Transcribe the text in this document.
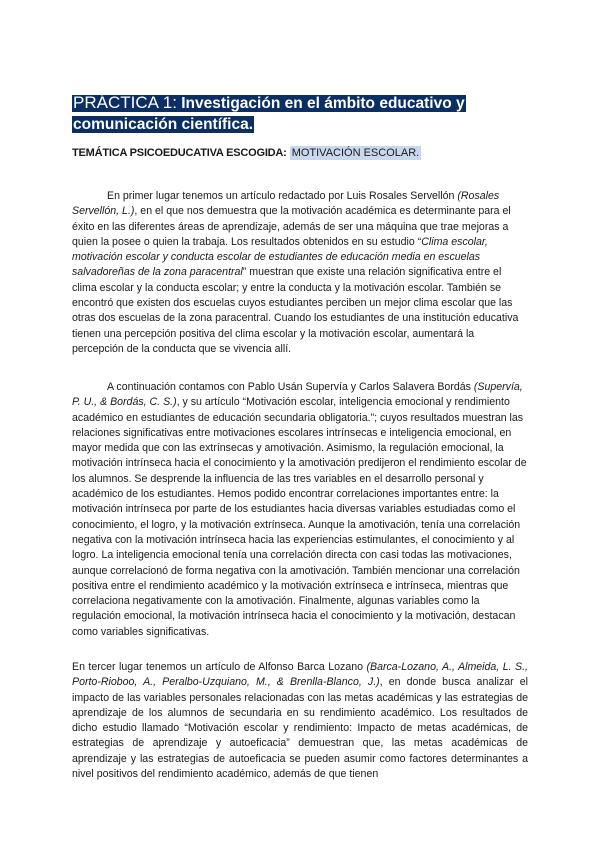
PRÁCTICA 1: Investigación en el ámbito educativo y comunicación científica.
TEMÁTICA PSICOEDUCATIVA ESCOGIDA: MOTIVACIÓN ESCOLAR.

En primer lugar tenemos un artículo redactado por Luis Rosales Servellón (Rosales Servellón, L.), en el que nos demuestra que la motivación académica es determinante para el éxito en las diferentes áreas de aprendizaje, además de ser una máquina que trae mejoras a quien la posee o quien la trabaja. Los resultados obtenidos en su estudio “Clima escolar, motivación escolar y conducta escolar de estudiantes de educación media en escuelas salvadoreñas de la zona paracentral” muestran que existe una relación significativa entre el clima escolar y la conducta escolar; y entre la conducta y la motivación escolar. También se encontró que existen dos escuelas cuyos estudiantes perciben un mejor clima escolar que las otras dos escuelas de la zona paracentral. Cuando los estudiantes de una institución educativa tienen una percepción positiva del clima escolar y la motivación escolar, aumentará la percepción de la conducta que se vivencia allí.

A continuación contamos con Pablo Usán Supervía y Carlos Salavera Bordás (Supervía, P. U., & Bordás, C. S.), y su artículo “Motivación escolar, inteligencia emocional y rendimiento académico en estudiantes de educación secundaria obligatoria.”; cuyos resultados muestran las relaciones significativas entre motivaciones escolares intrínsecas e inteligencia emocional, en mayor medida que con las extrínsecas y amotivación. Asimismo, la regulación emocional, la motivación intrínseca hacia el conocimiento y la amotivación predijeron el rendimiento escolar de los alumnos. Se desprende la influencia de las tres variables en el desarrollo personal y académico de los estudiantes. Hemos podido encontrar correlaciones importantes entre: la motivación intrínseca por parte de los estudiantes hacia diversas variables estudiadas como el conocimiento, el logro, y la motivación extrínseca. Aunque la amotivación, tenía una correlación negativa con la motivación intrínseca hacia las experiencias estimulantes, el conocimiento y al logro. La inteligencia emocional tenía una correlación directa con casi todas las motivaciones, aunque correlacionó de forma negativa con la amotivación. También mencionar una correlación positiva entre el rendimiento académico y la motivación extrínseca e intrínseca, mientras que correlaciona negativamente con la amotivación. Finalmente, algunas variables como la regulación emocional, la motivación intrínseca hacia el conocimiento y la motivación, destacan como variables significativas.

En tercer lugar tenemos un artículo de Alfonso Barca Lozano (Barca-Lozano, A., Almeida, L. S., Porto-Rioboo, A., Peralbo-Uzquiano, M., & Brenlla-Blanco, J.), en donde busca analizar el impacto de las variables personales relacionadas con las metas académicas y las estrategias de aprendizaje de los alumnos de secundaria en su rendimiento académico. Los resultados de dicho estudio llamado “Motivación escolar y rendimiento: Impacto de metas académicas, de estrategias de aprendizaje y autoeficacia” demuestran que, las metas académicas de aprendizaje y las estrategias de autoeficacia se pueden asumir como factores determinantes a nivel positivos del rendimiento académico, además de que tienen
